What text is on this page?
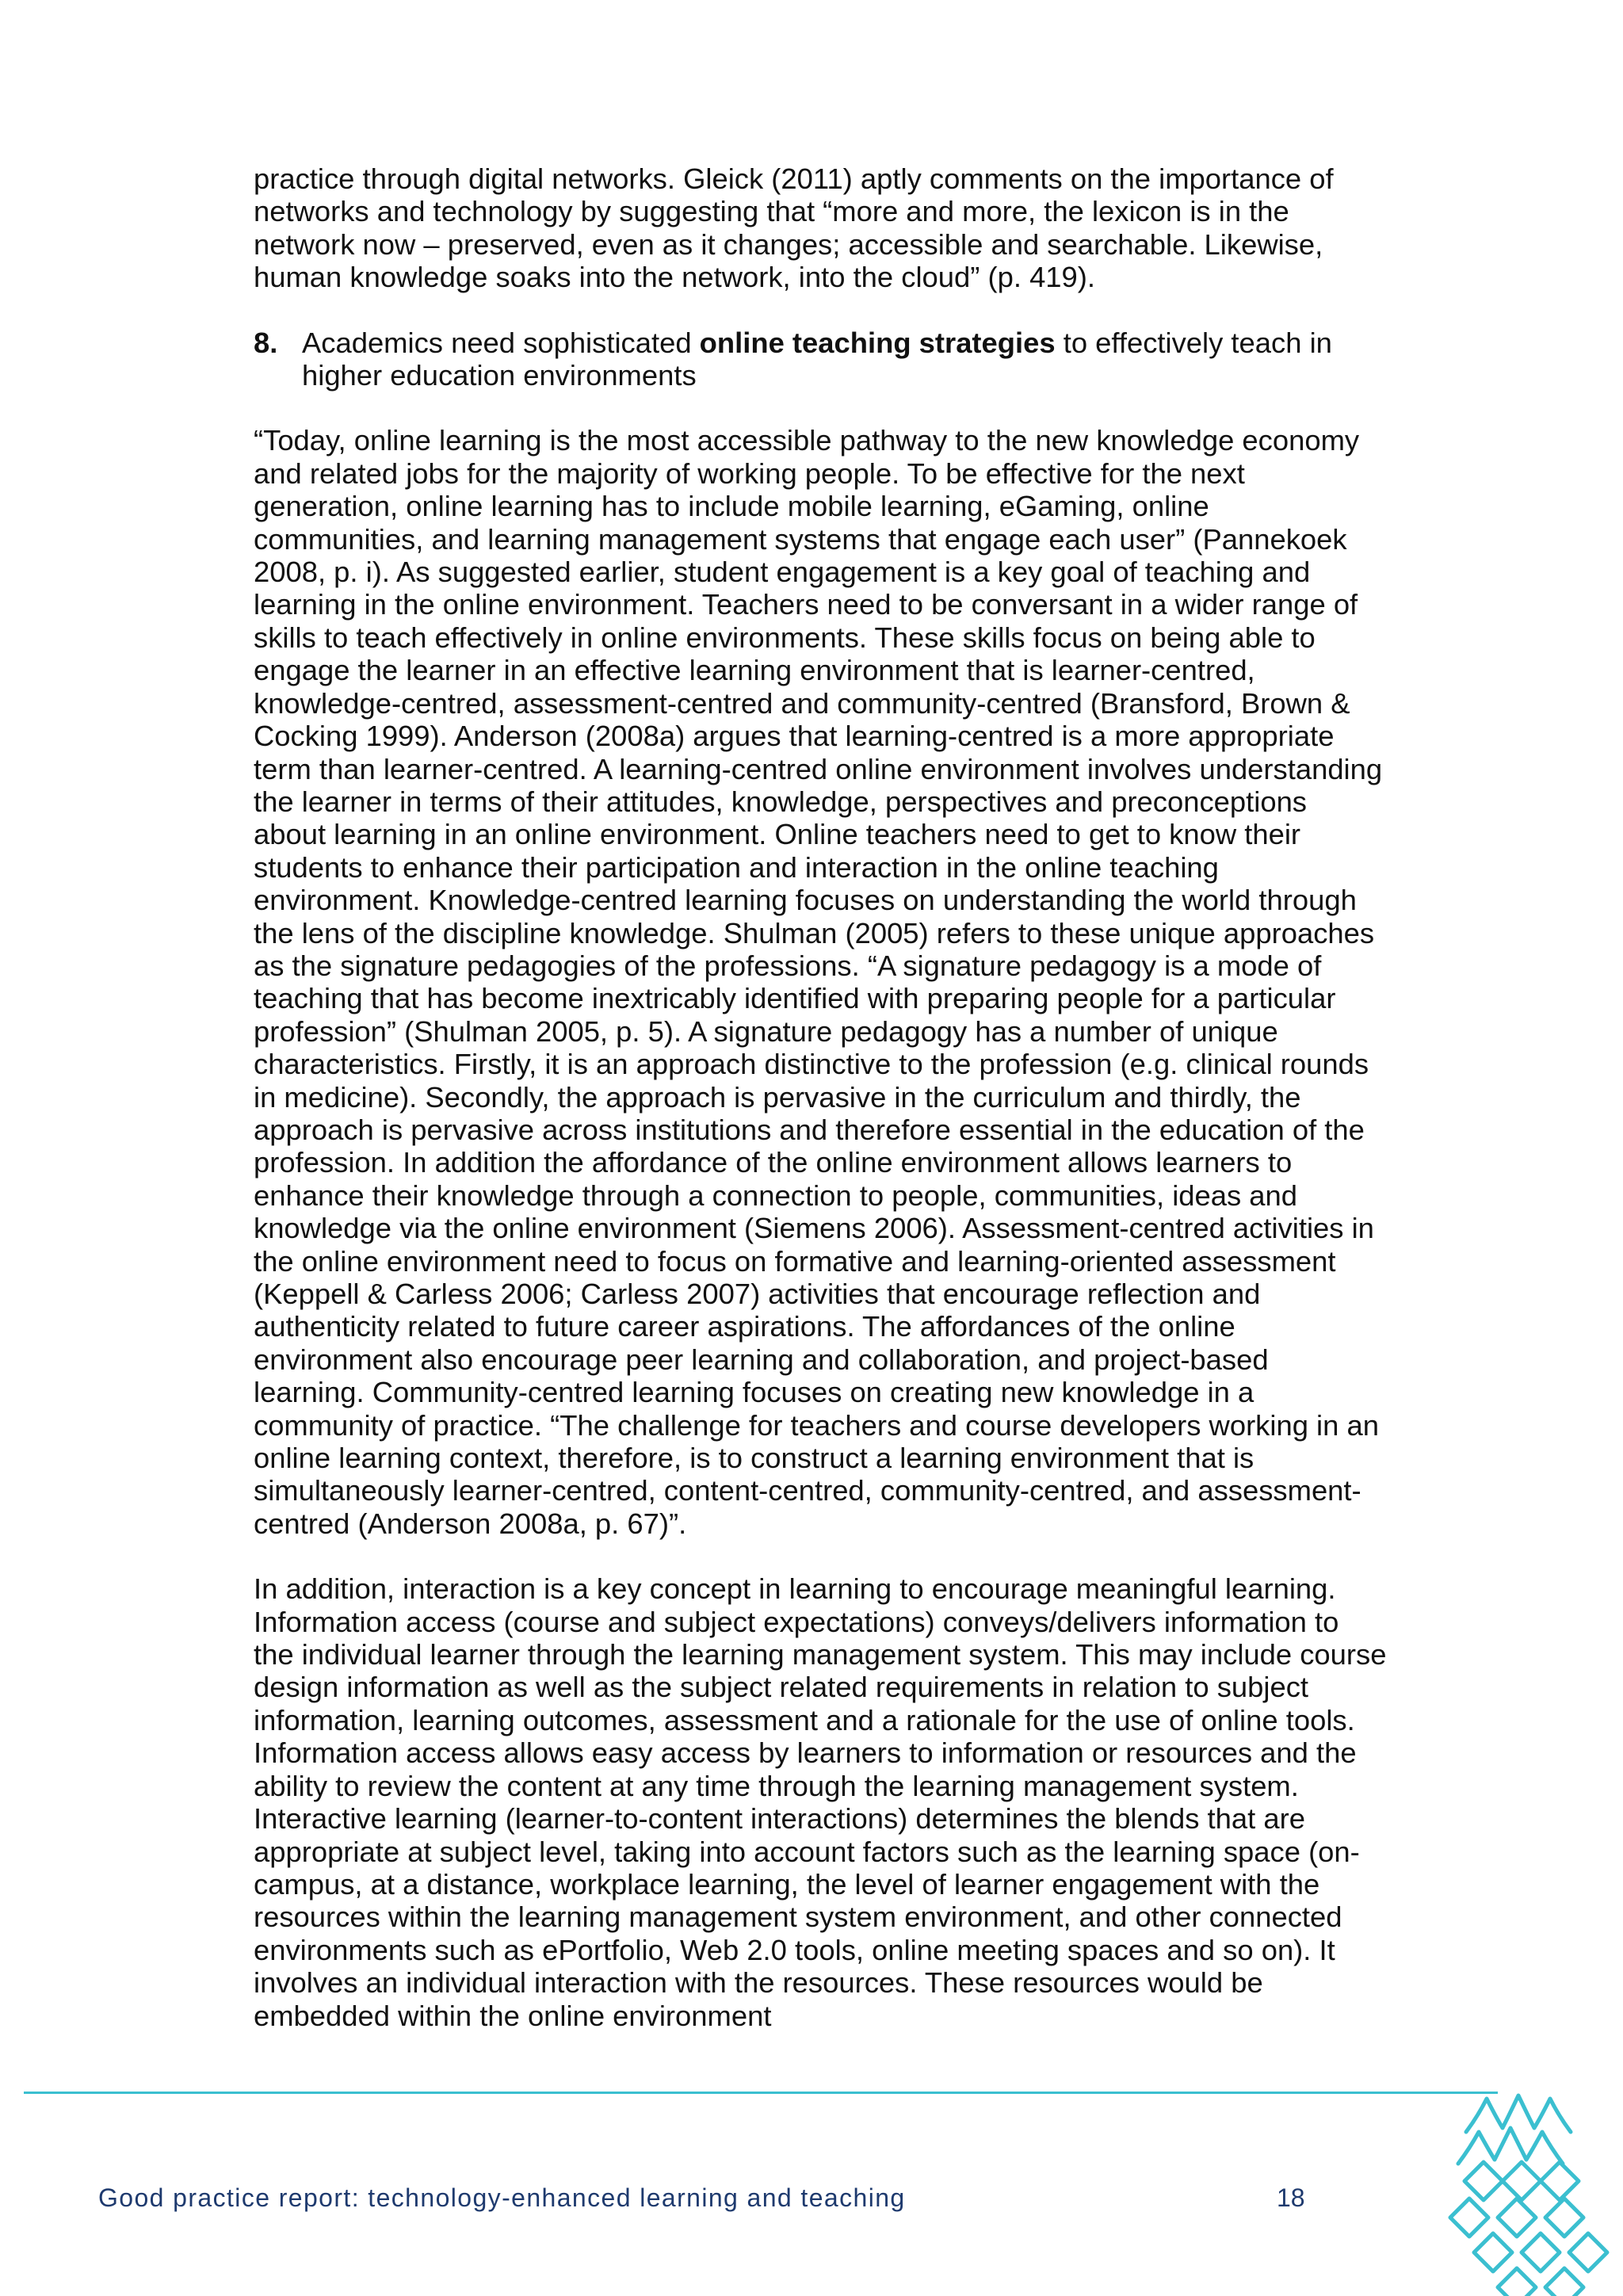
practice through digital networks. Gleick (2011) aptly comments on the importance of networks and technology by suggesting that “more and more, the lexicon is in the network now – preserved, even as it changes; accessible and searchable. Likewise, human knowledge soaks into the network, into the cloud” (p. 419).

8. Academics need sophisticated online teaching strategies to effectively teach in higher education environments

“Today, online learning is the most accessible pathway to the new knowledge economy and related jobs for the majority of working people. To be effective for the next generation, online learning has to include mobile learning, eGaming, online communities, and learning management systems that engage each user” (Pannekoek 2008, p. i). As suggested earlier, student engagement is a key goal of teaching and learning in the online environment. Teachers need to be conversant in a wider range of skills to teach effectively in online environments. These skills focus on being able to engage the learner in an effective learning environment that is learner-centred, knowledge-centred, assessment-centred and community-centred (Bransford, Brown & Cocking 1999). Anderson (2008a) argues that learning-centred is a more appropriate term than learner-centred. A learning-centred online environment involves understanding the learner in terms of their attitudes, knowledge, perspectives and preconceptions about learning in an online environment. Online teachers need to get to know their students to enhance their participation and interaction in the online teaching environment. Knowledge-centred learning focuses on understanding the world through the lens of the discipline knowledge. Shulman (2005) refers to these unique approaches as the signature pedagogies of the professions. “A signature pedagogy is a mode of teaching that has become inextricably identified with preparing people for a particular profession” (Shulman 2005, p. 5). A signature pedagogy has a number of unique characteristics. Firstly, it is an approach distinctive to the profession (e.g. clinical rounds in medicine). Secondly, the approach is pervasive in the curriculum and thirdly, the approach is pervasive across institutions and therefore essential in the education of the profession. In addition the affordance of the online environment allows learners to enhance their knowledge through a connection to people, communities, ideas and knowledge via the online environment (Siemens 2006). Assessment-centred activities in the online environment need to focus on formative and learning-oriented assessment (Keppell & Carless 2006; Carless 2007) activities that encourage reflection and authenticity related to future career aspirations. The affordances of the online environment also encourage peer learning and collaboration, and project-based learning. Community-centred learning focuses on creating new knowledge in a community of practice. “The challenge for teachers and course developers working in an online learning context, therefore, is to construct a learning environment that is simultaneously learner-centred, content-centred, community-centred, and assessment-centred (Anderson 2008a, p. 67)”.

In addition, interaction is a key concept in learning to encourage meaningful learning. Information access (course and subject expectations) conveys/delivers information to the individual learner through the learning management system. This may include course design information as well as the subject related requirements in relation to subject information, learning outcomes, assessment and a rationale for the use of online tools. Information access allows easy access by learners to information or resources and the ability to review the content at any time through the learning management system. Interactive learning (learner-to-content interactions) determines the blends that are appropriate at subject level, taking into account factors such as the learning space (on-campus, at a distance, workplace learning, the level of learner engagement with the resources within the learning management system environment, and other connected environments such as ePortfolio, Web 2.0 tools, online meeting spaces and so on). It involves an individual interaction with the resources. These resources would be embedded within the online environment

Good practice report: technology-enhanced learning and teaching	18
